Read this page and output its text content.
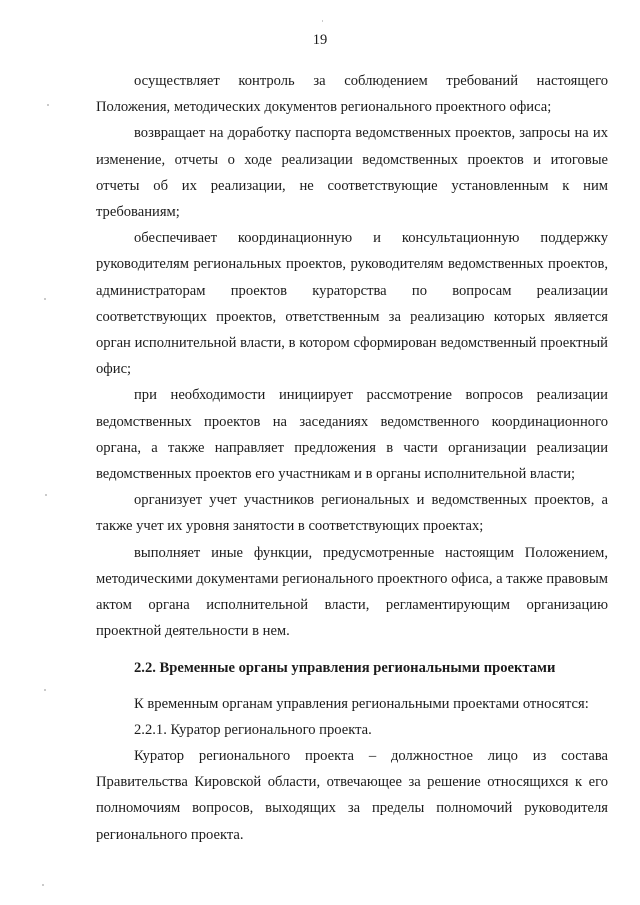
19

осуществляет контроль за соблюдением требований настоящего Положения, методических документов регионального проектного офиса;

возвращает на доработку паспорта ведомственных проектов, запросы на их изменение, отчеты о ходе реализации ведомственных проектов и итоговые отчеты об их реализации, не соответствующие установленным к ним требованиям;

обеспечивает координационную и консультационную поддержку руководителям региональных проектов, руководителям ведомственных проектов, администраторам проектов кураторства по вопросам реализации соответствующих проектов, ответственным за реализацию которых является орган исполнительной власти, в котором сформирован ведомственный проектный офис;

при необходимости инициирует рассмотрение вопросов реализации ведомственных проектов на заседаниях ведомственного координационного органа, а также направляет предложения в части организации реализации ведомственных проектов его участникам и в органы исполнительной власти;

организует учет участников региональных и ведомственных проектов, а также учет их уровня занятости в соответствующих проектах;

выполняет иные функции, предусмотренные настоящим Положением, методическими документами регионального проектного офиса, а также правовым актом органа исполнительной власти, регламентирующим организацию проектной деятельности в нем.

2.2. Временные органы управления региональными проектами

К временным органам управления региональными проектами относятся:

2.2.1. Куратор регионального проекта.

Куратор регионального проекта – должностное лицо из состава Правительства Кировской области, отвечающее за решение относящихся к его полномочиям вопросов, выходящих за пределы полномочий руководителя регионального проекта.
